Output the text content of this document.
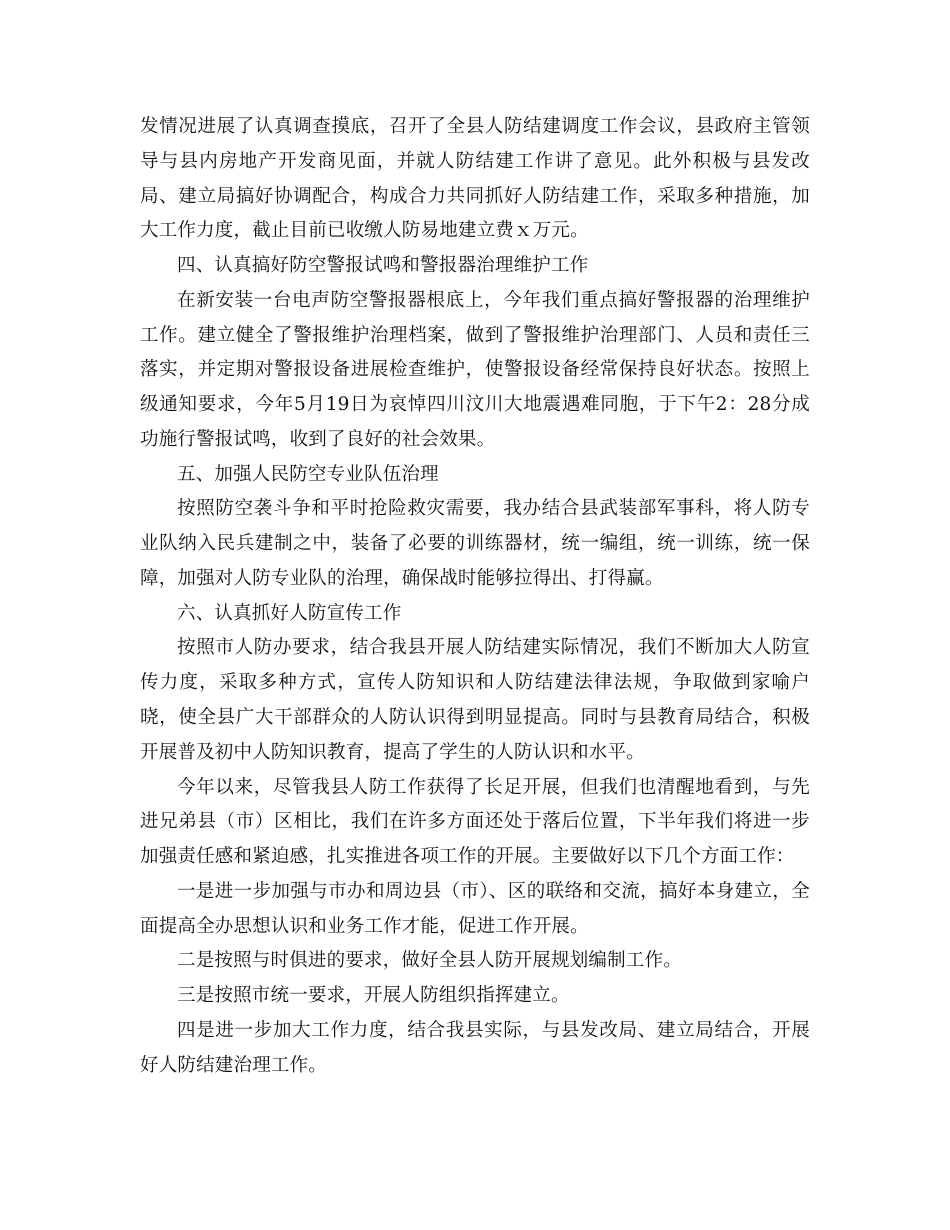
发情况进展了认真调查摸底，召开了全县人防结建调度工作会议，县政府主管领导与县内房地产开发商见面，并就人防结建工作讲了意见。此外积极与县发改局、建立局搞好协调配合，构成合力共同抓好人防结建工作，采取多种措施，加大工作力度，截止目前已收缴人防易地建立费ｘ万元。

四、认真搞好防空警报试鸣和警报器治理维护工作

在新安装一台电声防空警报器根底上，今年我们重点搞好警报器的治理维护工作。建立健全了警报维护治理档案，做到了警报维护治理部门、人员和责任三落实，并定期对警报设备进展检查维护，使警报设备经常保持良好状态。按照上级通知要求，今年5月19日为哀悼四川汶川大地震遇难同胞，于下午2：28分成功施行警报试鸣，收到了良好的社会效果。

五、加强人民防空专业队伍治理

按照防空袭斗争和平时抢险救灾需要，我办结合县武装部军事科，将人防专业队纳入民兵建制之中，装备了必要的训练器材，统一编组，统一训练，统一保障，加强对人防专业队的治理，确保战时能够拉得出、打得赢。

六、认真抓好人防宣传工作

按照市人防办要求，结合我县开展人防结建实际情况，我们不断加大人防宣传力度，采取多种方式，宣传人防知识和人防结建法律法规，争取做到家喻户晓，使全县广大干部群众的人防认识得到明显提高。同时与县教育局结合，积极开展普及初中人防知识教育，提高了学生的人防认识和水平。

今年以来，尽管我县人防工作获得了长足开展，但我们也清醒地看到，与先进兄弟县（市）区相比，我们在许多方面还处于落后位置，下半年我们将进一步加强责任感和紧迫感，扎实推进各项工作的开展。主要做好以下几个方面工作：

一是进一步加强与市办和周边县（市）、区的联络和交流，搞好本身建立，全面提高全办思想认识和业务工作才能，促进工作开展。

二是按照与时俱进的要求，做好全县人防开展规划编制工作。

三是按照市统一要求，开展人防组织指挥建立。

四是进一步加大工作力度，结合我县实际，与县发改局、建立局结合，开展好人防结建治理工作。
